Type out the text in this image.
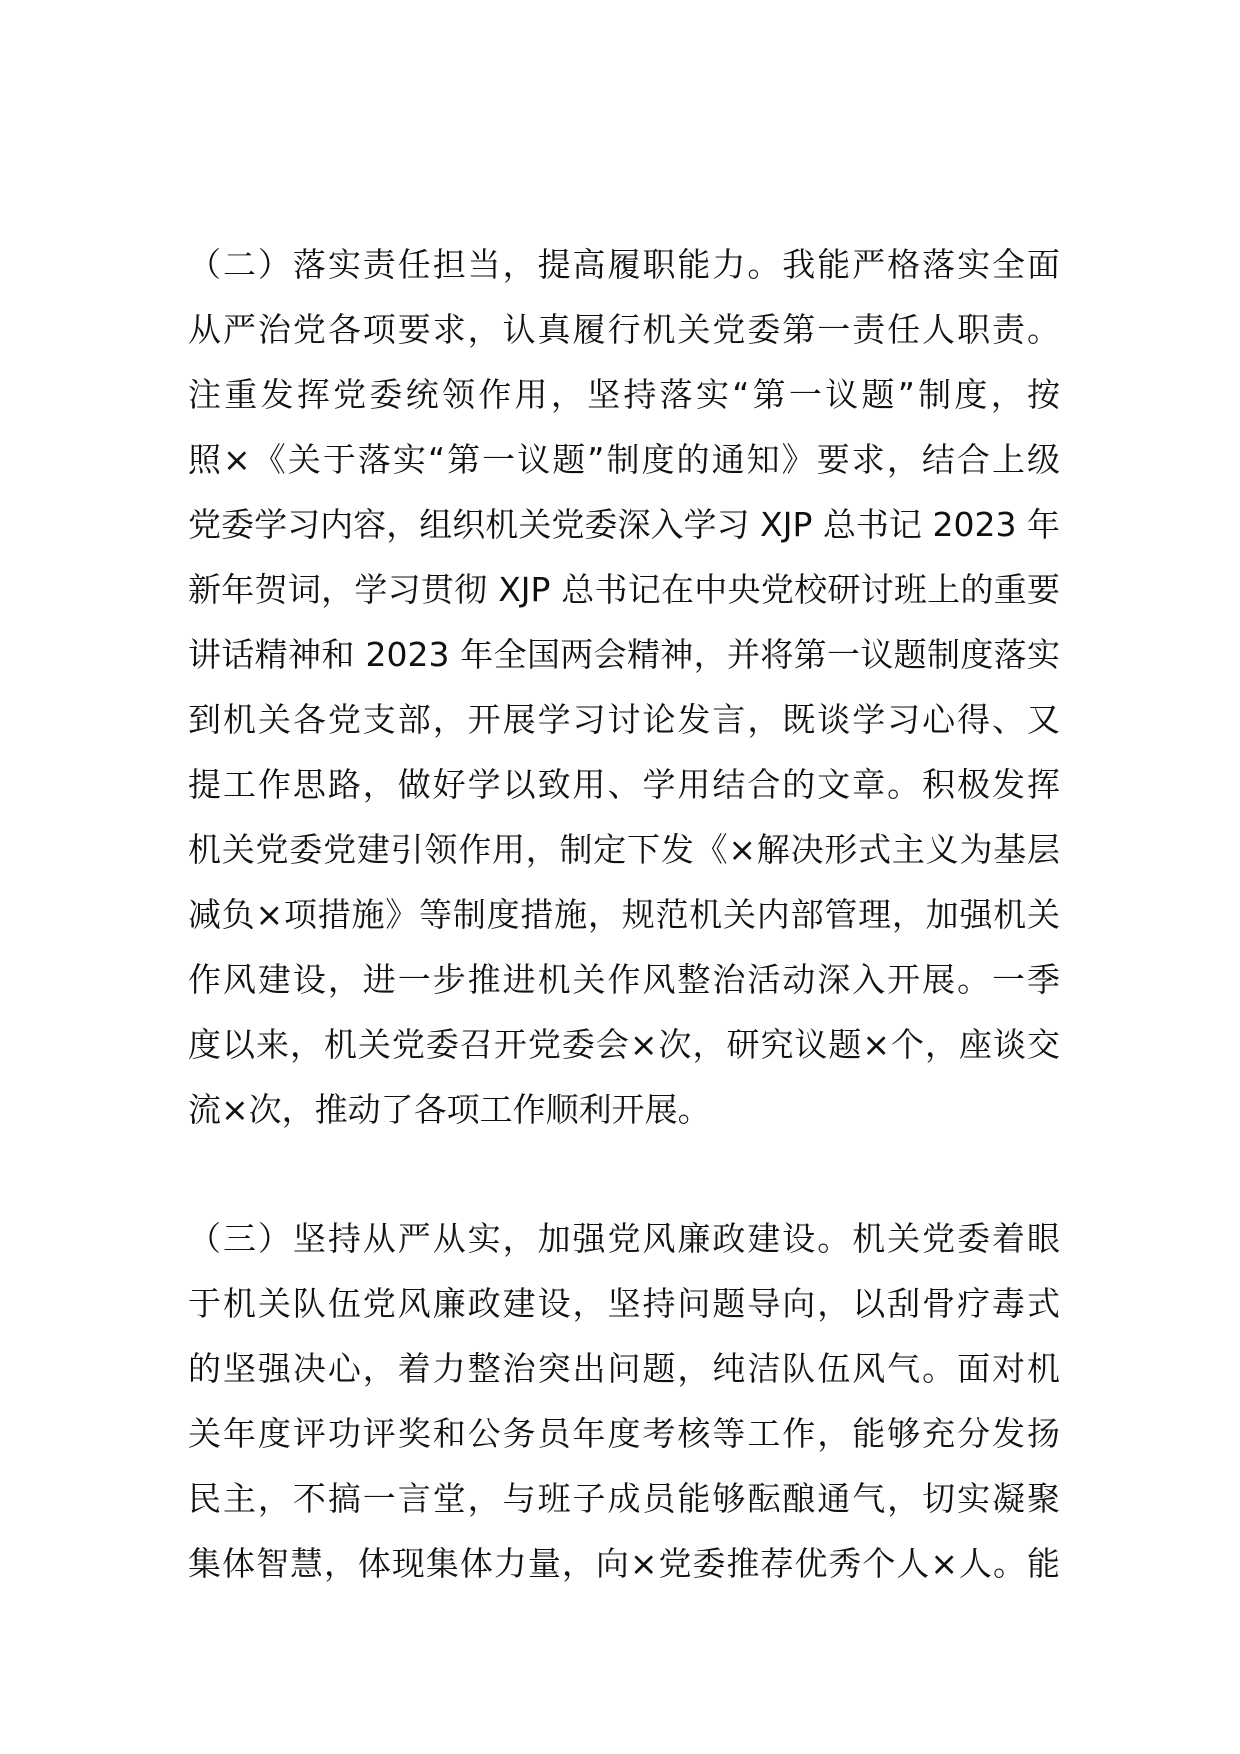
（二）落实责任担当，提高履职能力。我能严格落实全面
从严治党各项要求，认真履行机关党委第一责任人职责。
注重发挥党委统领作用，坚持落实“第一议题”制度，按
照×《关于落实“第一议题”制度的通知》要求，结合上级
党委学习内容，组织机关党委深入学习 XJP 总书记 2023 年
新年贺词，学习贯彻 XJP 总书记在中央党校研讨班上的重要
讲话精神和 2023 年全国两会精神，并将第一议题制度落实
到机关各党支部，开展学习讨论发言，既谈学习心得、又
提工作思路，做好学以致用、学用结合的文章。积极发挥
机关党委党建引领作用，制定下发《×解决形式主义为基层
减负×项措施》等制度措施，规范机关内部管理，加强机关
作风建设，进一步推进机关作风整治活动深入开展。一季
度以来，机关党委召开党委会×次，研究议题×个，座谈交
流×次，推动了各项工作顺利开展。
（三）坚持从严从实，加强党风廉政建设。机关党委着眼
于机关队伍党风廉政建设，坚持问题导向，以刮骨疗毒式
的坚强决心，着力整治突出问题，纯洁队伍风气。面对机
关年度评功评奖和公务员年度考核等工作，能够充分发扬
民主，不搞一言堂，与班子成员能够酝酿通气，切实凝聚
集体智慧，体现集体力量，向×党委推荐优秀个人×人。能
